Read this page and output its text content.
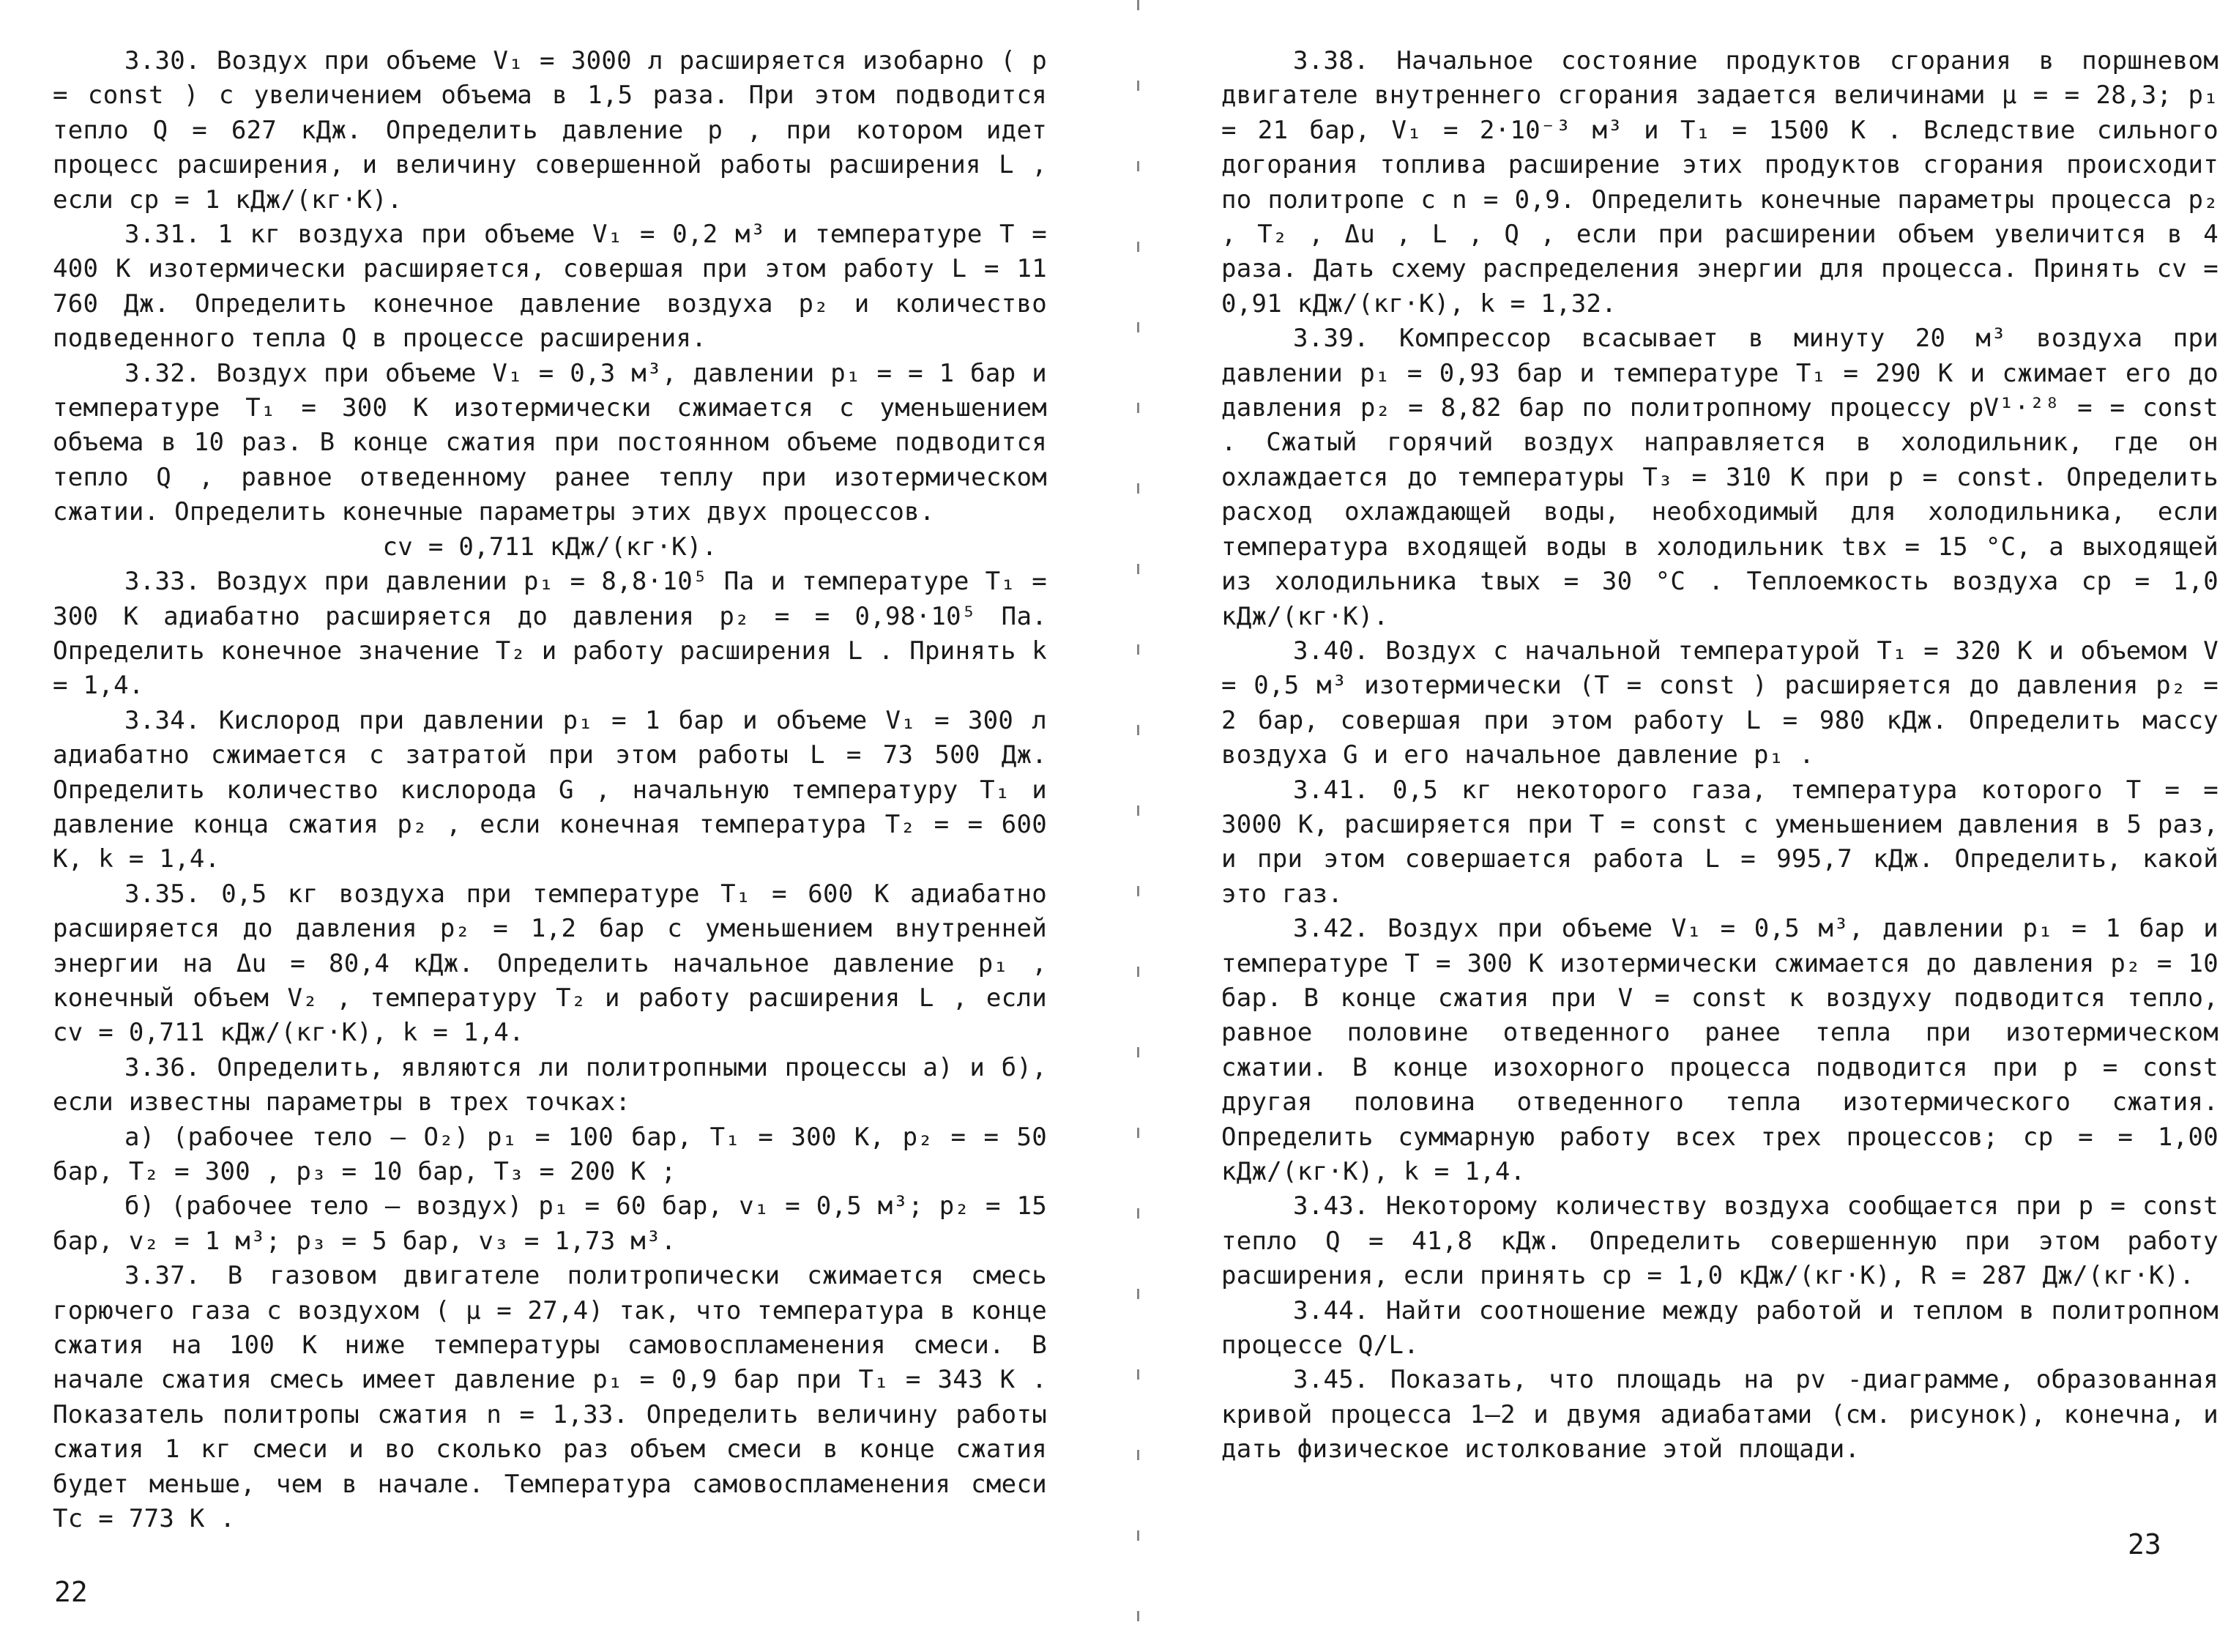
3.30. Воздух при объеме V₁ = 3000 л расширяется изобарно ( p = const ) с увеличением объема в 1,5 раза. При этом подводится тепло Q = 627 кДж. Определить давление p , при котором идет процесс расширения, и величину совершенной работы расширения L , если cp = 1 кДж/(кг·К).

3.31. 1 кг воздуха при объеме V₁ = 0,2 м³ и температуре T = 400 К изотермически расширяется, совершая при этом работу L = 11 760 Дж. Определить конечное давление воздуха p₂ и количество подведенного тепла Q в процессе расширения.

3.32. Воздух при объеме V₁ = 0,3 м³, давлении p₁ = = 1 бар и температуре T₁ = 300 К изотермически сжимается с уменьшением объема в 10 раз. В конце сжатия при постоянном объеме подводится тепло Q , равное отведенному ранее теплу при изотермическом сжатии. Определить конечные параметры этих двух процессов.

cv = 0,711 кДж/(кг·К).

3.33. Воздух при давлении p₁ = 8,8·10⁵ Па и температуре T₁ = 300 К адиабатно расширяется до давления p₂ = = 0,98·10⁵ Па. Определить конечное значение T₂ и работу расширения L . Принять k = 1,4.

3.34. Кислород при давлении p₁ = 1 бар и объеме V₁ = 300 л адиабатно сжимается с затратой при этом работы L = 73 500 Дж. Определить количество кислорода G , начальную температуру T₁ и давление конца сжатия p₂ , если конечная температура T₂ = = 600 К, k = 1,4.

3.35. 0,5 кг воздуха при температуре T₁ = 600 K адиабатно расширяется до давления p₂ = 1,2 бар с уменьшением внутренней энергии на Δu = 80,4 кДж. Определить начальное давление p₁ , конечный объем V₂ , температуру T₂ и работу расширения L , если cv = 0,711 кДж/(кг·К), k = 1,4.

3.36. Определить, являются ли политропными процессы а) и б), если известны параметры в трех точках:

а) (рабочее тело – O₂) p₁ = 100 бар, T₁ = 300 К, p₂ = = 50 бар, T₂ = 300 , p₃ = 10 бар, T₃ = 200 K ;

б) (рабочее тело – воздух) p₁ = 60 бар, v₁ = 0,5 м³; p₂ = 15 бар, v₂ = 1 м³; p₃ = 5 бар, v₃ = 1,73 м³.

3.37. В газовом двигателе политропически сжимается смесь горючего газа с воздухом ( μ = 27,4) так, что температура в конце сжатия на 100 К ниже температуры самовоспламенения смеси. В начале сжатия смесь имеет давление p₁ = 0,9 бар при T₁ = 343 K . Показатель политропы сжатия n = 1,33. Определить величину работы сжатия 1 кг смеси и во сколько раз объем смеси в конце сжатия будет меньше, чем в начале. Температура самовоспламенения смеси Tc = 773 K .

22

3.38. Начальное состояние продуктов сгорания в поршневом двигателе внутреннего сгорания задается величинами μ = = 28,3; p₁ = 21 бар, V₁ = 2·10⁻³ м³ и T₁ = 1500 K . Вследствие сильного догорания топлива расширение этих продуктов сгорания происходит по политропе с n = 0,9. Определить конечные параметры процесса p₂ , T₂ , Δu , L , Q , если при расширении объем увеличится в 4 раза. Дать схему распределения энергии для процесса. Принять cv = 0,91 кДж/(кг·К), k = 1,32.

3.39. Компрессор всасывает в минуту 20 м³ воздуха при давлении p₁ = 0,93 бар и температуре T₁ = 290 К и сжимает его до давления p₂ = 8,82 бар по политропному процессу pV¹·²⁸ = = const . Сжатый горячий воздух направляется в холодильник, где он охлаждается до температуры T₃ = 310 K при p = const. Определить расход охлаждающей воды, необходимый для холодильника, если температура входящей воды в холодильник tвх = 15 °С, а выходящей из холодильника tвых = 30 °С . Теплоемкость воздуха cp = 1,0 кДж/(кг·К).

3.40. Воздух с начальной температурой T₁ = 320 K и объемом V = 0,5 м³ изотермически (T = const ) расширяется до давления p₂ = 2 бар, совершая при этом работу L = 980 кДж. Определить массу воздуха G и его начальное давление p₁ .

3.41. 0,5 кг некоторого газа, температура которого T = = 3000 К, расширяется при T = const с уменьшением давления в 5 раз, и при этом совершается работа L = 995,7 кДж. Определить, какой это газ.

3.42. Воздух при объеме V₁ = 0,5 м³, давлении p₁ = 1 бар и температуре T = 300 К изотермически сжимается до давления p₂ = 10 бар. В конце сжатия при V = const к воздуху подводится тепло, равное половине отведенного ранее тепла при изотермическом сжатии. В конце изохорного процесса подводится при p = const другая половина отведенного тепла изотермического сжатия. Определить суммарную работу всех трех процессов; cp = = 1,00 кДж/(кг·К), k = 1,4.

3.43. Некоторому количеству воздуха сообщается при p = const тепло Q = 41,8 кДж. Определить совершенную при этом работу расширения, если принять cp = 1,0 кДж/(кг·К), R = 287 Дж/(кг·К).

3.44. Найти соотношение между работой и теплом в политропном процессе Q/L.

3.45. Показать, что площадь на pv -диаграмме, образованная кривой процесса 1–2 и двумя адиабатами (см. рисунок), конечна, и дать физическое истолкование этой площади.

23
